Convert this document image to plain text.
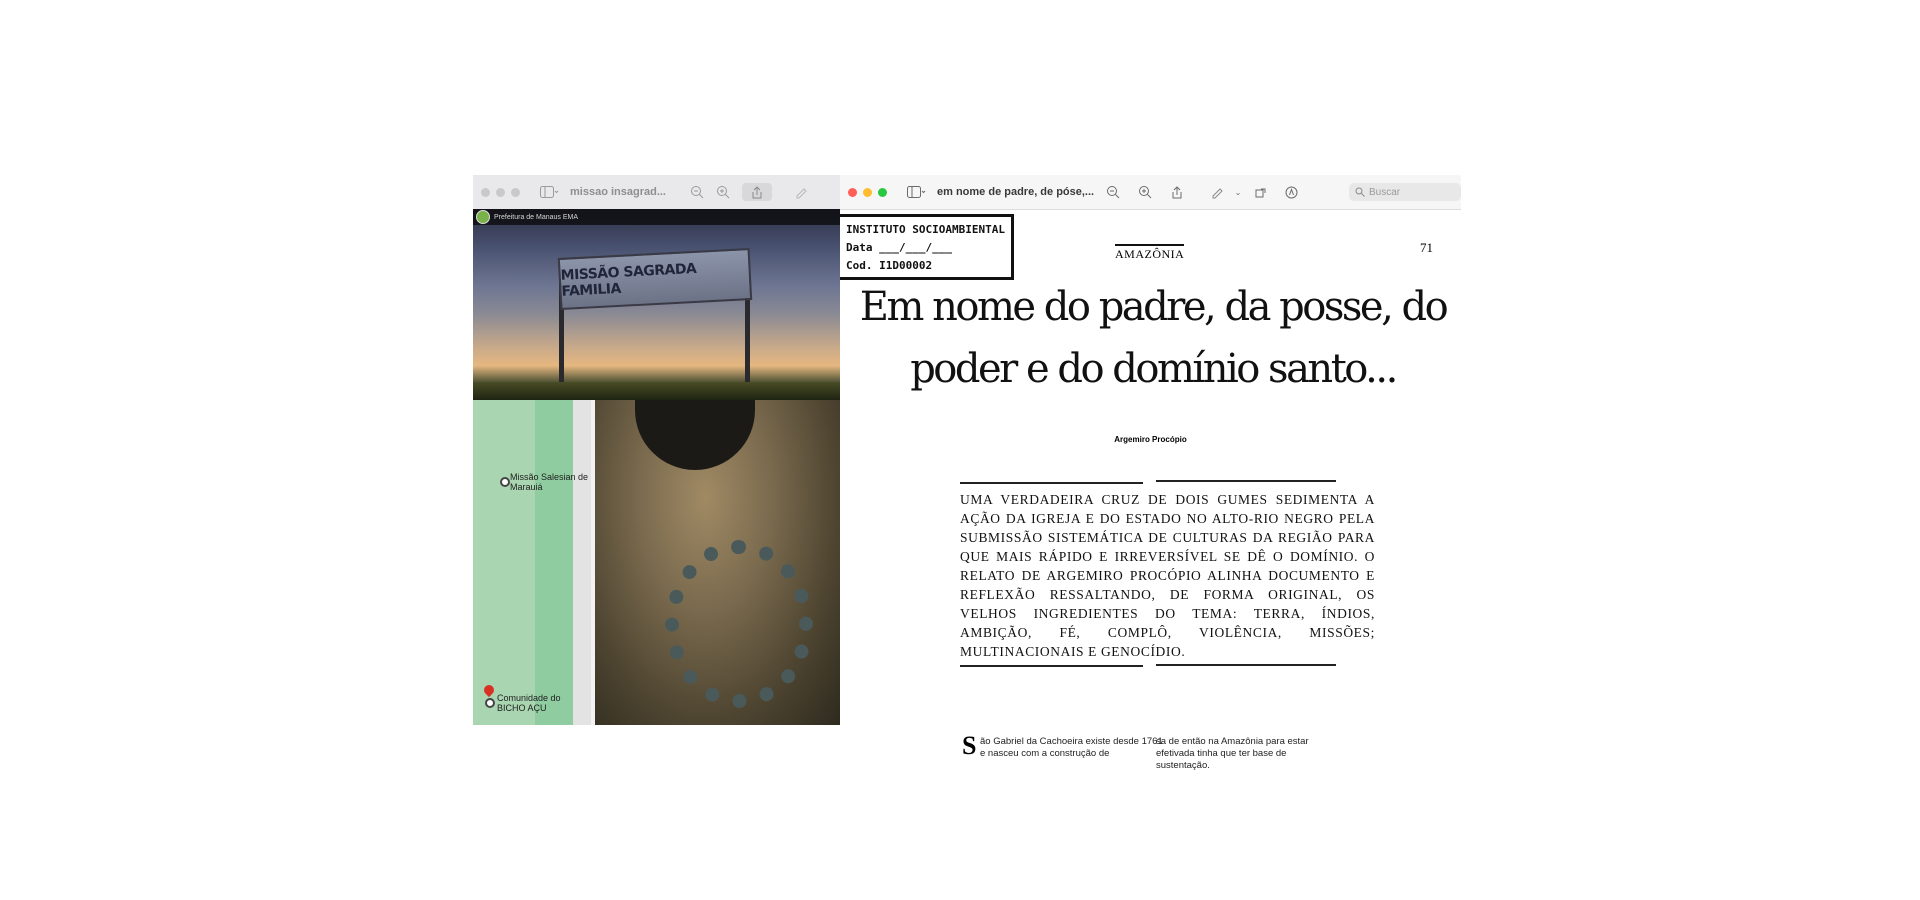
missao insagrad...
Prefeitura de Manaus EMA
MISSÃO SAGRADA FAMILIA
Missão Salesian de Marauiá
Comunidade do BICHO AÇU
em nome de padre, de póse,...	⌄	Buscar
INSTITUTO SOCIOAMBIENTAL
Data ___/___/___
Cod. I1D00002
AMAZÔNIA	71
Em nome do padre, da posse, do poder e do domínio santo...
Argemiro Procópio
UMA VERDADEIRA CRUZ DE DOIS GUMES SEDIMENTA A AÇÃO DA IGREJA E DO ESTADO NO ALTO-RIO NEGRO PELA SUBMISSÃO SISTEMÁTICA DE CULTURAS DA REGIÃO PARA QUE MAIS RÁPIDO E IRREVERSÍVEL SE DÊ O DOMÍNIO. O RELATO DE ARGEMIRO PROCÓPIO ALINHA DOCUMENTO E REFLEXÃO RESSALTANDO, DE FORMA ORIGINAL, OS VELHOS INGREDIENTES DO TEMA: TERRA, ÍNDIOS, AMBIÇÃO, FÉ, COMPLÔ, VIOLÊNCIA, MISSÕES; MULTINACIONAIS E GENOCÍDIO.
S ão Gabriel da Cachoeira existe desde 1761 e nasceu com a construção de
sa de então na Amazônia para estar efetivada tinha que ter base de sustentação.
